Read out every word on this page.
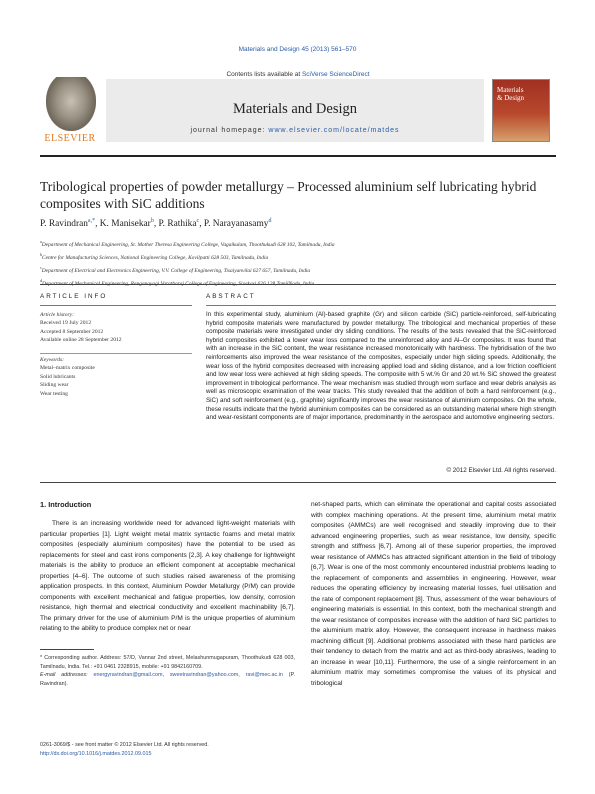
Materials and Design 45 (2013) 561–570
Contents lists available at SciVerse ScienceDirect
ELSEVIER
Materials and Design
journal homepage: www.elsevier.com/locate/matdes
Materials
& Design
Tribological properties of powder metallurgy – Processed aluminium self lubricating hybrid composites with SiC additions
P. Ravindran$^{a,*}$, K. Manisekar$^b$, P. Rathika$^c$, P. Narayanasamy$^d$
$^a$Department of Mechanical Engineering, St. Mother Theresa Engineering College, Vagaikulam, Thoothukudi 628 102, Tamilnadu, India
$^b$Centre for Manufacturing Sciences, National Engineering College, Kovilpatti 628 503, Tamilnadu, India
$^c$Department of Electrical and Electronics Engineering, V.V. College of Engineering, Tisaiyanvilai 627 657, Tamilnadu, India
$^d$
ARTICLE INFO	ABSTRACT
Article history:
Received 19 July 2012
Accepted 8 September 2012
Available online 28 September 2012
Keywords:
Metal–matrix composite
Solid lubricants
Sliding wear
Wear testing
In this experimental study, aluminium (Al)-based graphite (Gr) and silicon carbide (SiC) particle-reinforced, self-lubricating hybrid composite materials were manufactured by powder metallurgy. The tribological and mechanical properties of these composite materials were investigated under dry sliding conditions. The results of the tests revealed that the SiC-reinforced hybrid composites exhibited a lower wear loss compared to the unreinforced alloy and Al–Gr composites. It was found that with an increase in the SiC content, the wear resistance increased monotonically with hardness. The hybridisation of the two reinforcements also improved the wear resistance of the composites, especially under high sliding speeds. Additionally, the wear loss of the hybrid composites decreased with increasing applied load and sliding distance, and a low friction coefficient and low wear loss were achieved at high sliding speeds. The composite with 5 wt.% Gr and 20 wt.% SiC showed the greatest improvement in tribological performance. The wear mechanism was studied through worn surface and wear debris analysis as well as microscopic examination of the wear tracks. This study revealed that the addition of both a hard reinforcement (e.g., SiC) and soft reinforcement (e.g., graphite) significantly improves the wear resistance of aluminium composites. On the whole, these results indicate that the hybrid aluminium composites can be considered as an outstanding material where high strength and wear-resistant components are of major importance, predominantly in the aerospace and automotive engineering sectors.
© 2012 Elsevier Ltd. All rights reserved.
1. Introduction
There is an increasing worldwide need for advanced light-weight materials with particular properties [1]. Light weight metal matrix syntactic foams and metal matrix composites (especially aluminium composites) have the potential to be used as replacements for steel and cast irons components [2,3]. A key challenge for lightweight materials is the ability to produce an efficient component at acceptable mechanical properties [4–6]. The outcome of such studies raised awareness of the promising application prospects. In this context, Aluminium Powder Metallurgy (P/M) can provide components with excellent mechanical and fatigue properties, low density, corrosion resistance, high thermal and electrical conductivity and excellent machinability [6,7]. The primary driver for the use of aluminium P/M is the unique properties of aluminium relating to the ability to produce complex net or near
net-shaped parts, which can eliminate the operational and capital costs associated with complex machining operations. At the present time, aluminium metal matrix composites (AMMCs) are well recognised and steadily improving due to their advanced engineering properties, such as wear resistance, low density, specific strength and stiffness [6,7]. Among all of these superior properties, the improved wear resistance of AMMCs has attracted significant attention in the field of tribology [6,7]. Wear is one of the most commonly encountered industrial problems leading to the replacement of components and assemblies in engineering. However, wear reduces the operating efficiency by increasing material losses, fuel utilisation and the rate of component replacement [8]. Thus, assessment of the wear behaviours of engineering materials is essential. In this context, both the mechanical strength and the wear resistance of composites increase with the addition of hard SiC particles to the aluminium matrix alloy. However, the consequent increase in hardness makes machining difficult [9]. Additional problems associated with these hard particles are their tendency to detach from the matrix and act as third-body abrasives, leading to an increase in wear [10,11]. Furthermore, the use of a single reinforcement in an aluminium matrix may sometimes compromise the values of its physical and tribological
* Corresponding author. Address: 57/D, Vannar 2nd street, Melashunmugapuram, Thoothukudi 628 003, Tamilnadu, India. Tel.: +91 0461 2328915, mobile: +91 9842160709.
E-mail addresses: energyravindran@gmail.com, sweetravindran@yahoo.com, ravi@mec.ac.in (P. Ravindran).
0261-3069/$ - see front matter © 2012 Elsevier Ltd. All rights reserved.
http://dx.doi.org/10.1016/j.matdes.2012.09.015
